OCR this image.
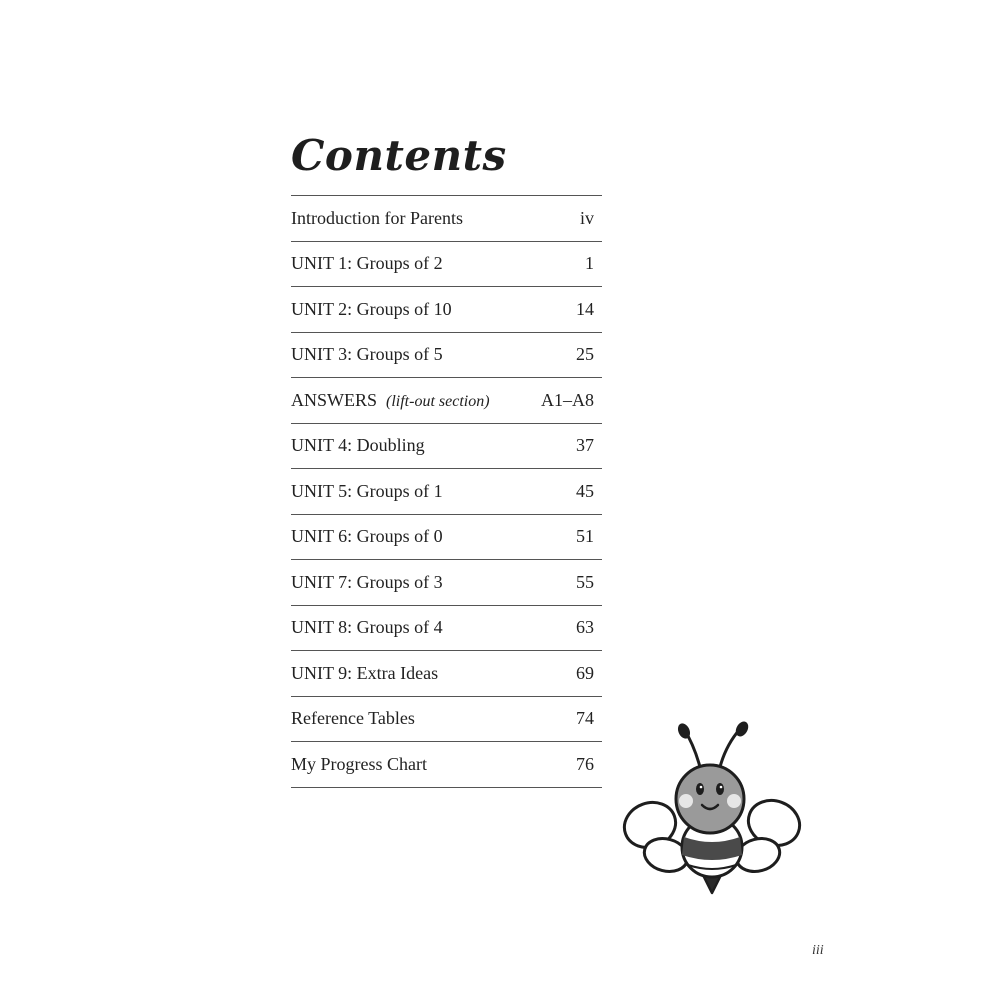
Contents
Introduction for Parents	iv
UNIT 1: Groups of 2	1
UNIT 2: Groups of 10	14
UNIT 3: Groups of 5	25
ANSWERS (lift-out section)	A1–A8
UNIT 4: Doubling	37
UNIT 5: Groups of 1	45
UNIT 6: Groups of 0	51
UNIT 7: Groups of 3	55
UNIT 8: Groups of 4	63
UNIT 9: Extra Ideas	69
Reference Tables	74
My Progress Chart	76
iii
